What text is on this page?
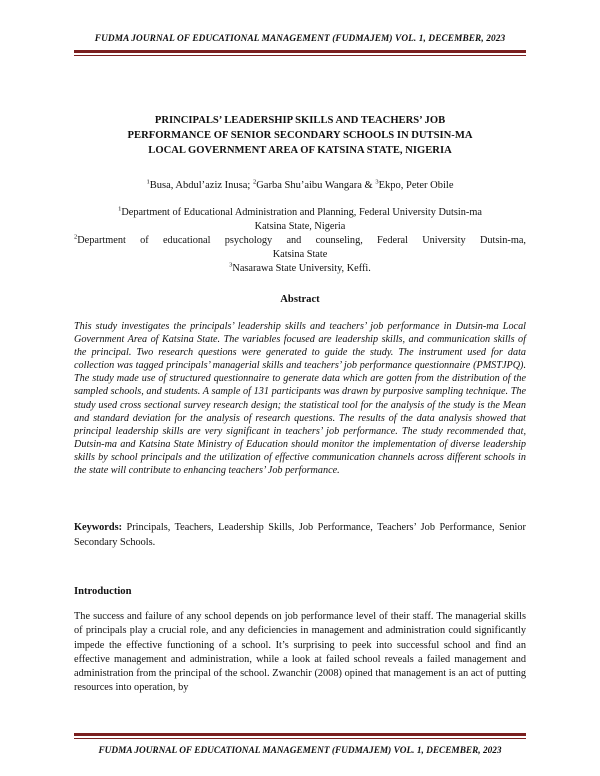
FUDMA JOURNAL OF EDUCATIONAL MANAGEMENT (FUDMAJEM) VOL. 1, DECEMBER, 2023
PRINCIPALS’ LEADERSHIP SKILLS AND TEACHERS’ JOB
PERFORMANCE OF SENIOR SECONDARY SCHOOLS IN DUTSIN-MA
LOCAL GOVERNMENT AREA OF KATSINA STATE, NIGERIA
$^1$Busa, Abdul’aziz Inusa; $^2$Garba Shu’aibu Wangara & $^3$Ekpo, Peter Obile
$^1$Department of Educational Administration and Planning, Federal University Dutsin-ma
Katsina State, Nigeria
$^2$Department of educational psychology and counseling, Federal University Dutsin-ma,
Katsina State
$^3$Nasarawa State University, Keffi.
Abstract
This study investigates the principals’ leadership skills and teachers’ job performance in Dutsin-ma Local Government Area of Katsina State. The variables focused are leadership skills, and communication skills of the principal. Two research questions were generated to guide the study. The instrument used for data collection was tagged principals’ managerial skills and teachers’ job performance questionnaire (PMSTJPQ). The study made use of structured questionnaire to generate data which are gotten from the distribution of the sampled schools, and students. A sample of 131 participants was drawn by purposive sampling technique. The study used cross sectional survey research design; the statistical tool for the analysis of the study is the Mean and standard deviation for the analysis of research questions. The results of the data analysis showed that principal leadership skills are very significant in teachers’ job performance. The study recommended that, Dutsin-ma and Katsina State Ministry of Education should monitor the implementation of diverse leadership skills by school principals and the utilization of effective communication channels across different schools in the state will contribute to enhancing teachers’ Job performance.
Keywords: Principals, Teachers, Leadership Skills, Job Performance, Teachers’ Job Performance, Senior Secondary Schools.
Introduction
The success and failure of any school depends on job performance level of their staff. The managerial skills of principals play a crucial role, and any deficiencies in management and administration could significantly impede the effective functioning of a school. It’s surprising to peek into successful school and find an effective management and administration, while a look at failed school reveals a failed management and administration from the principal of the school. Zwanchir (2008) opined that management is an act of putting resources into operation, by
FUDMA JOURNAL OF EDUCATIONAL MANAGEMENT (FUDMAJEM) VOL. 1, DECEMBER, 2023
